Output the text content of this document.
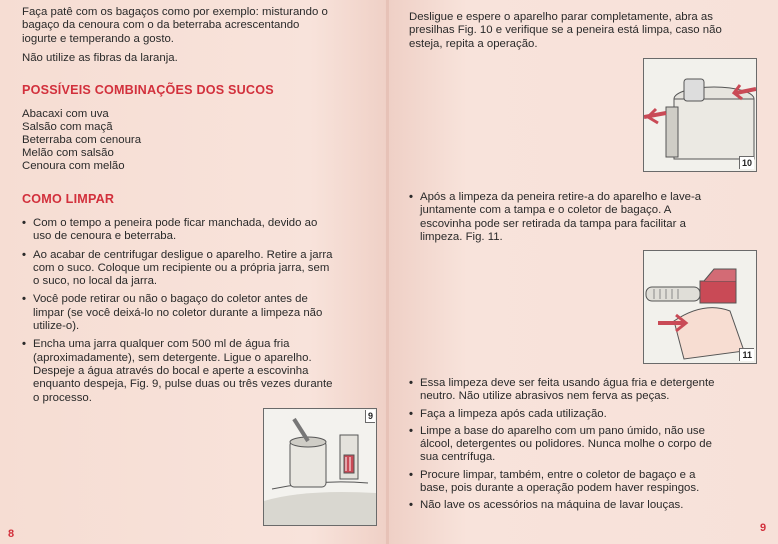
Faça patê com os bagaços como por exemplo: misturando o

bagaço da cenoura com o da beterraba acrescentando

iogurte e temperando a gosto.

Não utilize as fibras da laranja.

POSSÍVEIS COMBINAÇÕES DOS SUCOS

Abacaxi com uva

Salsão com maçã

Beterraba com cenoura

Melão com salsão

Cenoura com melão

COMO LIMPAR
• Com o tempo a peneira pode ficar manchada, devido ao
uso de cenoura e beterraba.
• Ao acabar de centrifugar desligue o aparelho. Retire a jarra
com o suco. Coloque um recipiente ou a própria jarra, sem
o suco, no local da jarra.
• Você pode retirar ou não o bagaço do coletor antes de
limpar (se você deixá-lo no coletor durante a limpeza não
utilize-o).
• Encha uma jarra qualquer com 500 ml de água fria
(aproximadamente), sem detergente. Ligue o aparelho.
Despeje a água através do bocal e aperte a escovinha
enquanto despeja, Fig. 9, pulse duas ou três vezes durante
o processo.
9
8

Desligue e espere o aparelho parar completamente, abra as

presilhas Fig. 10 e verifique se a peneira está limpa, caso não

esteja, repita a operação.

10
• Após a limpeza da peneira retire-a do aparelho e lave-a
juntamente com a tampa e o coletor de bagaço. A
escovinha pode ser retirada da tampa para facilitar a
limpeza. Fig. 11.
11
• Essa limpeza deve ser feita usando água fria e detergente
neutro. Não utilize abrasivos nem ferva as peças.
• Faça a limpeza após cada utilização.
• Limpe a base do aparelho com um pano úmido, não use
álcool, detergentes ou polidores. Nunca molhe o corpo de
sua centrífuga.
• Procure limpar, também, entre o coletor de bagaço e a
base, pois durante a operação podem haver respingos.
• Não lave os acessórios na máquina de lavar louças.
9
